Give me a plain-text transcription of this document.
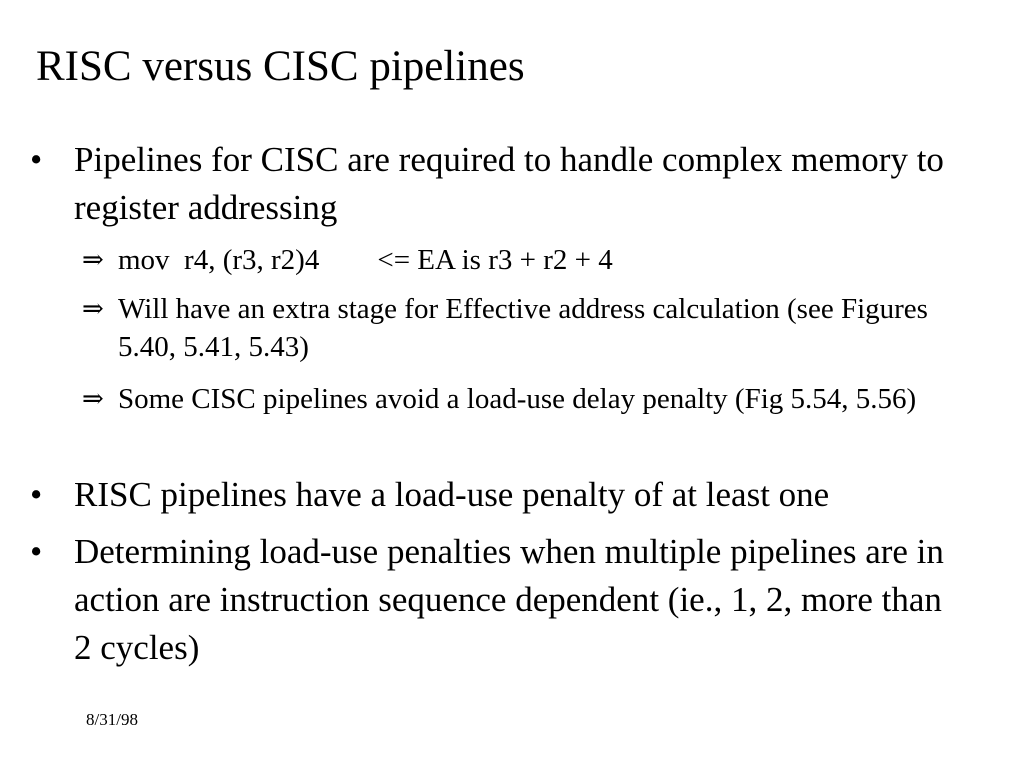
RISC versus CISC pipelines
• Pipelines for CISC are required to handle complex memory to register addressing
⇒ mov  r4, (r3, r2)4        <= EA is r3 + r2 + 4
⇒ Will have an extra stage for Effective address calculation (see Figures 5.40, 5.41, 5.43)
⇒ Some CISC pipelines avoid a load-use delay penalty (Fig 5.54, 5.56)
• RISC pipelines have a load-use penalty of at least one
• Determining load-use penalties when multiple pipelines are in action are instruction sequence dependent (ie., 1, 2, more than 2 cycles)
8/31/98
